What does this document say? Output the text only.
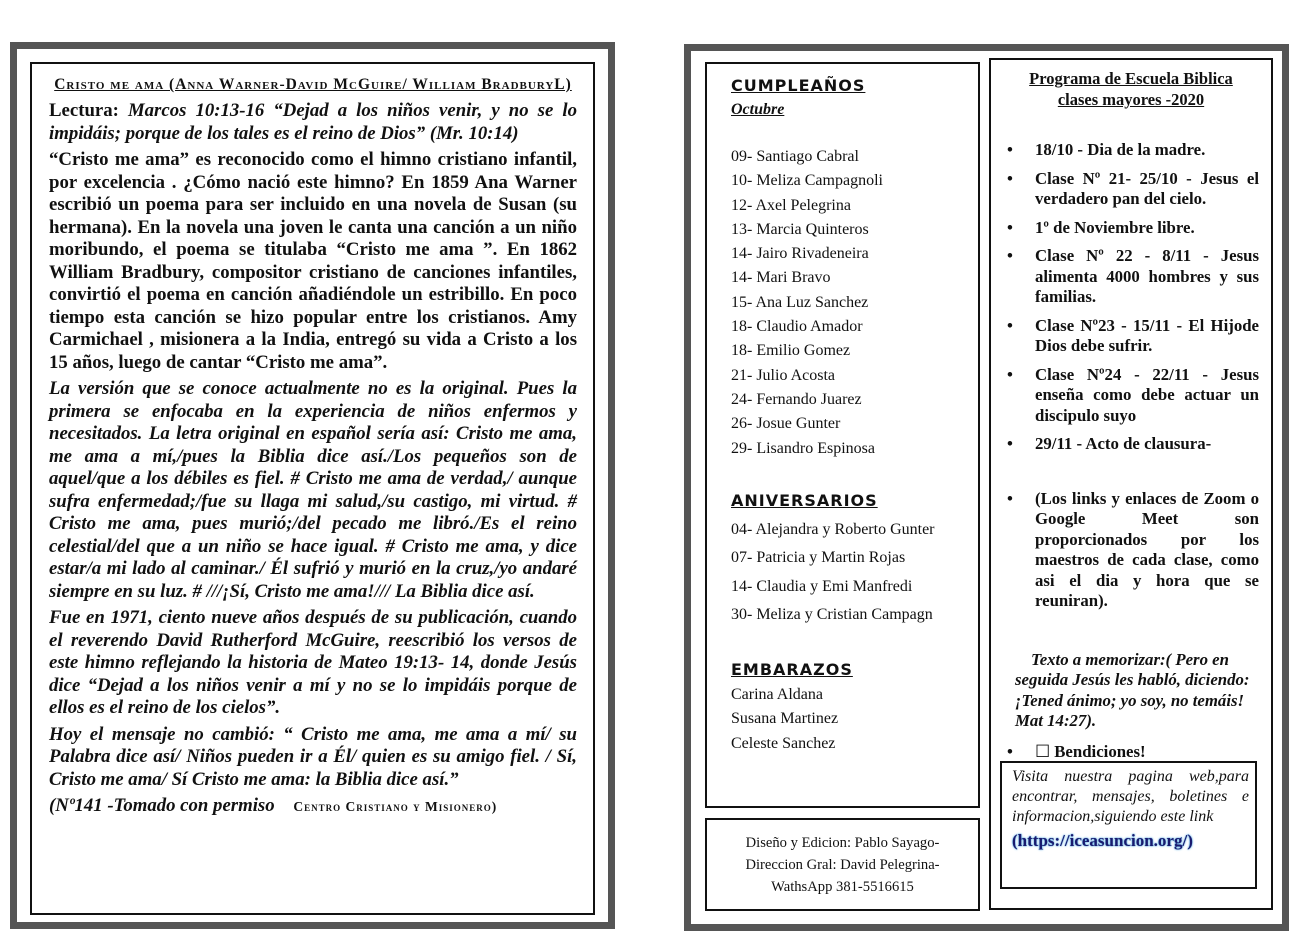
Cristo me ama (Anna Warner-David McGuire/ William BradburyL)

Lectura: Marcos 10:13-16 “Dejad a los niños venir, y no se lo impidáis; porque de los tales es el reino de Dios” (Mr. 10:14)

“Cristo me ama” es reconocido como el himno cristiano infantil, por excelencia . ¿Cómo nació este himno? En 1859 Ana Warner escribió un poema para ser incluido en una novela de Susan (su hermana). En la novela una joven le canta una canción a un niño moribundo, el poema se titulaba “Cristo me ama ”. En 1862 William Bradbury, compositor cristiano de canciones infantiles, convirtió el poema en canción añadiéndole un estribillo. En poco tiempo esta canción se hizo popular entre los cristianos. Amy Carmichael , misionera a la India, entregó su vida a Cristo a los 15 años, luego de cantar “Cristo me ama”.

La versión que se conoce actualmente no es la original. Pues la primera se enfocaba en la experiencia de niños enfermos y necesitados. La letra original en español sería así: Cristo me ama, me ama a mí,/pues la Biblia dice así./Los pequeños son de aquel/que a los débiles es fiel. # Cristo me ama de verdad,/ aunque sufra enfermedad;/fue su llaga mi salud,/su castigo, mi virtud. # Cristo me ama, pues murió;/del pecado me libró./Es el reino celestial/del que a un niño se hace igual. # Cristo me ama, y dice estar/a mi lado al caminar./ Él sufrió y murió en la cruz,/yo andaré siempre en su luz. # ///¡Sí, Cristo me ama!/// La Biblia dice así.

Fue en 1971, ciento nueve años después de su publicación, cuando el reverendo David Rutherford McGuire, reescribió los versos de este himno reflejando la historia de Mateo 19:13- 14, donde Jesús dice “Dejad a los niños venir a mí y no se lo impidáis porque de ellos es el reino de los cielos”.

Hoy el mensaje no cambió: “ Cristo me ama, me ama a mí/ su Palabra dice así/ Niños pueden ir a Él/ quien es su amigo fiel. / Sí, Cristo me ama/ Sí Cristo me ama: la Biblia dice así.”

(Nº141 -Tomado con permiso Centro Cristiano y Misionero)

CUMPLEAÑOS

Octubre

09- Santiago Cabral
10- Meliza Campagnoli
12- Axel Pelegrina
13- Marcia Quinteros
14- Jairo Rivadeneira
14- Mari Bravo
15- Ana Luz Sanchez
18- Claudio Amador
18- Emilio Gomez
21- Julio Acosta
24- Fernando Juarez
26- Josue Gunter
29- Lisandro Espinosa

ANIVERSARIOS

04- Alejandra y Roberto Gunter
07- Patricia y Martin Rojas
14- Claudia y Emi Manfredi
30- Meliza y Cristian Campagn

EMBARAZOS

Carina Aldana
Susana Martinez
Celeste Sanchez
Diseño y Edicion: Pablo Sayago-
Direccion Gral: David Pelegrina-
WathsApp 381-5516615

Programa de Escuela Biblica
clases mayores -2020

• 18/10 - Dia de la madre.
• Clase Nº 21- 25/10 - Jesus el verdadero pan del cielo.
• 1º de Noviembre libre.
• Clase Nº 22 - 8/11 - Jesus alimenta 4000 hombres y sus familias.
• Clase Nº23 - 15/11 - El Hijode Dios debe sufrir.
• Clase Nº24 - 22/11 - Jesus enseña como debe actuar un discipulo suyo
• 29/11 - Acto de clausura-
• (Los links y enlaces de Zoom o Google Meet son proporcionados por los maestros de cada clase, como asi el dia y hora que se reuniran).

Texto a memorizar:( Pero en seguida Jesús les habló, diciendo: ¡Tened ánimo; yo soy, no temáis! Mat 14:27).

• ☐ Bendiciones!

Visita nuestra pagina web,para encontrar, mensajes, boletines e informacion,siguiendo este link

(https://iceasuncion.org/)
